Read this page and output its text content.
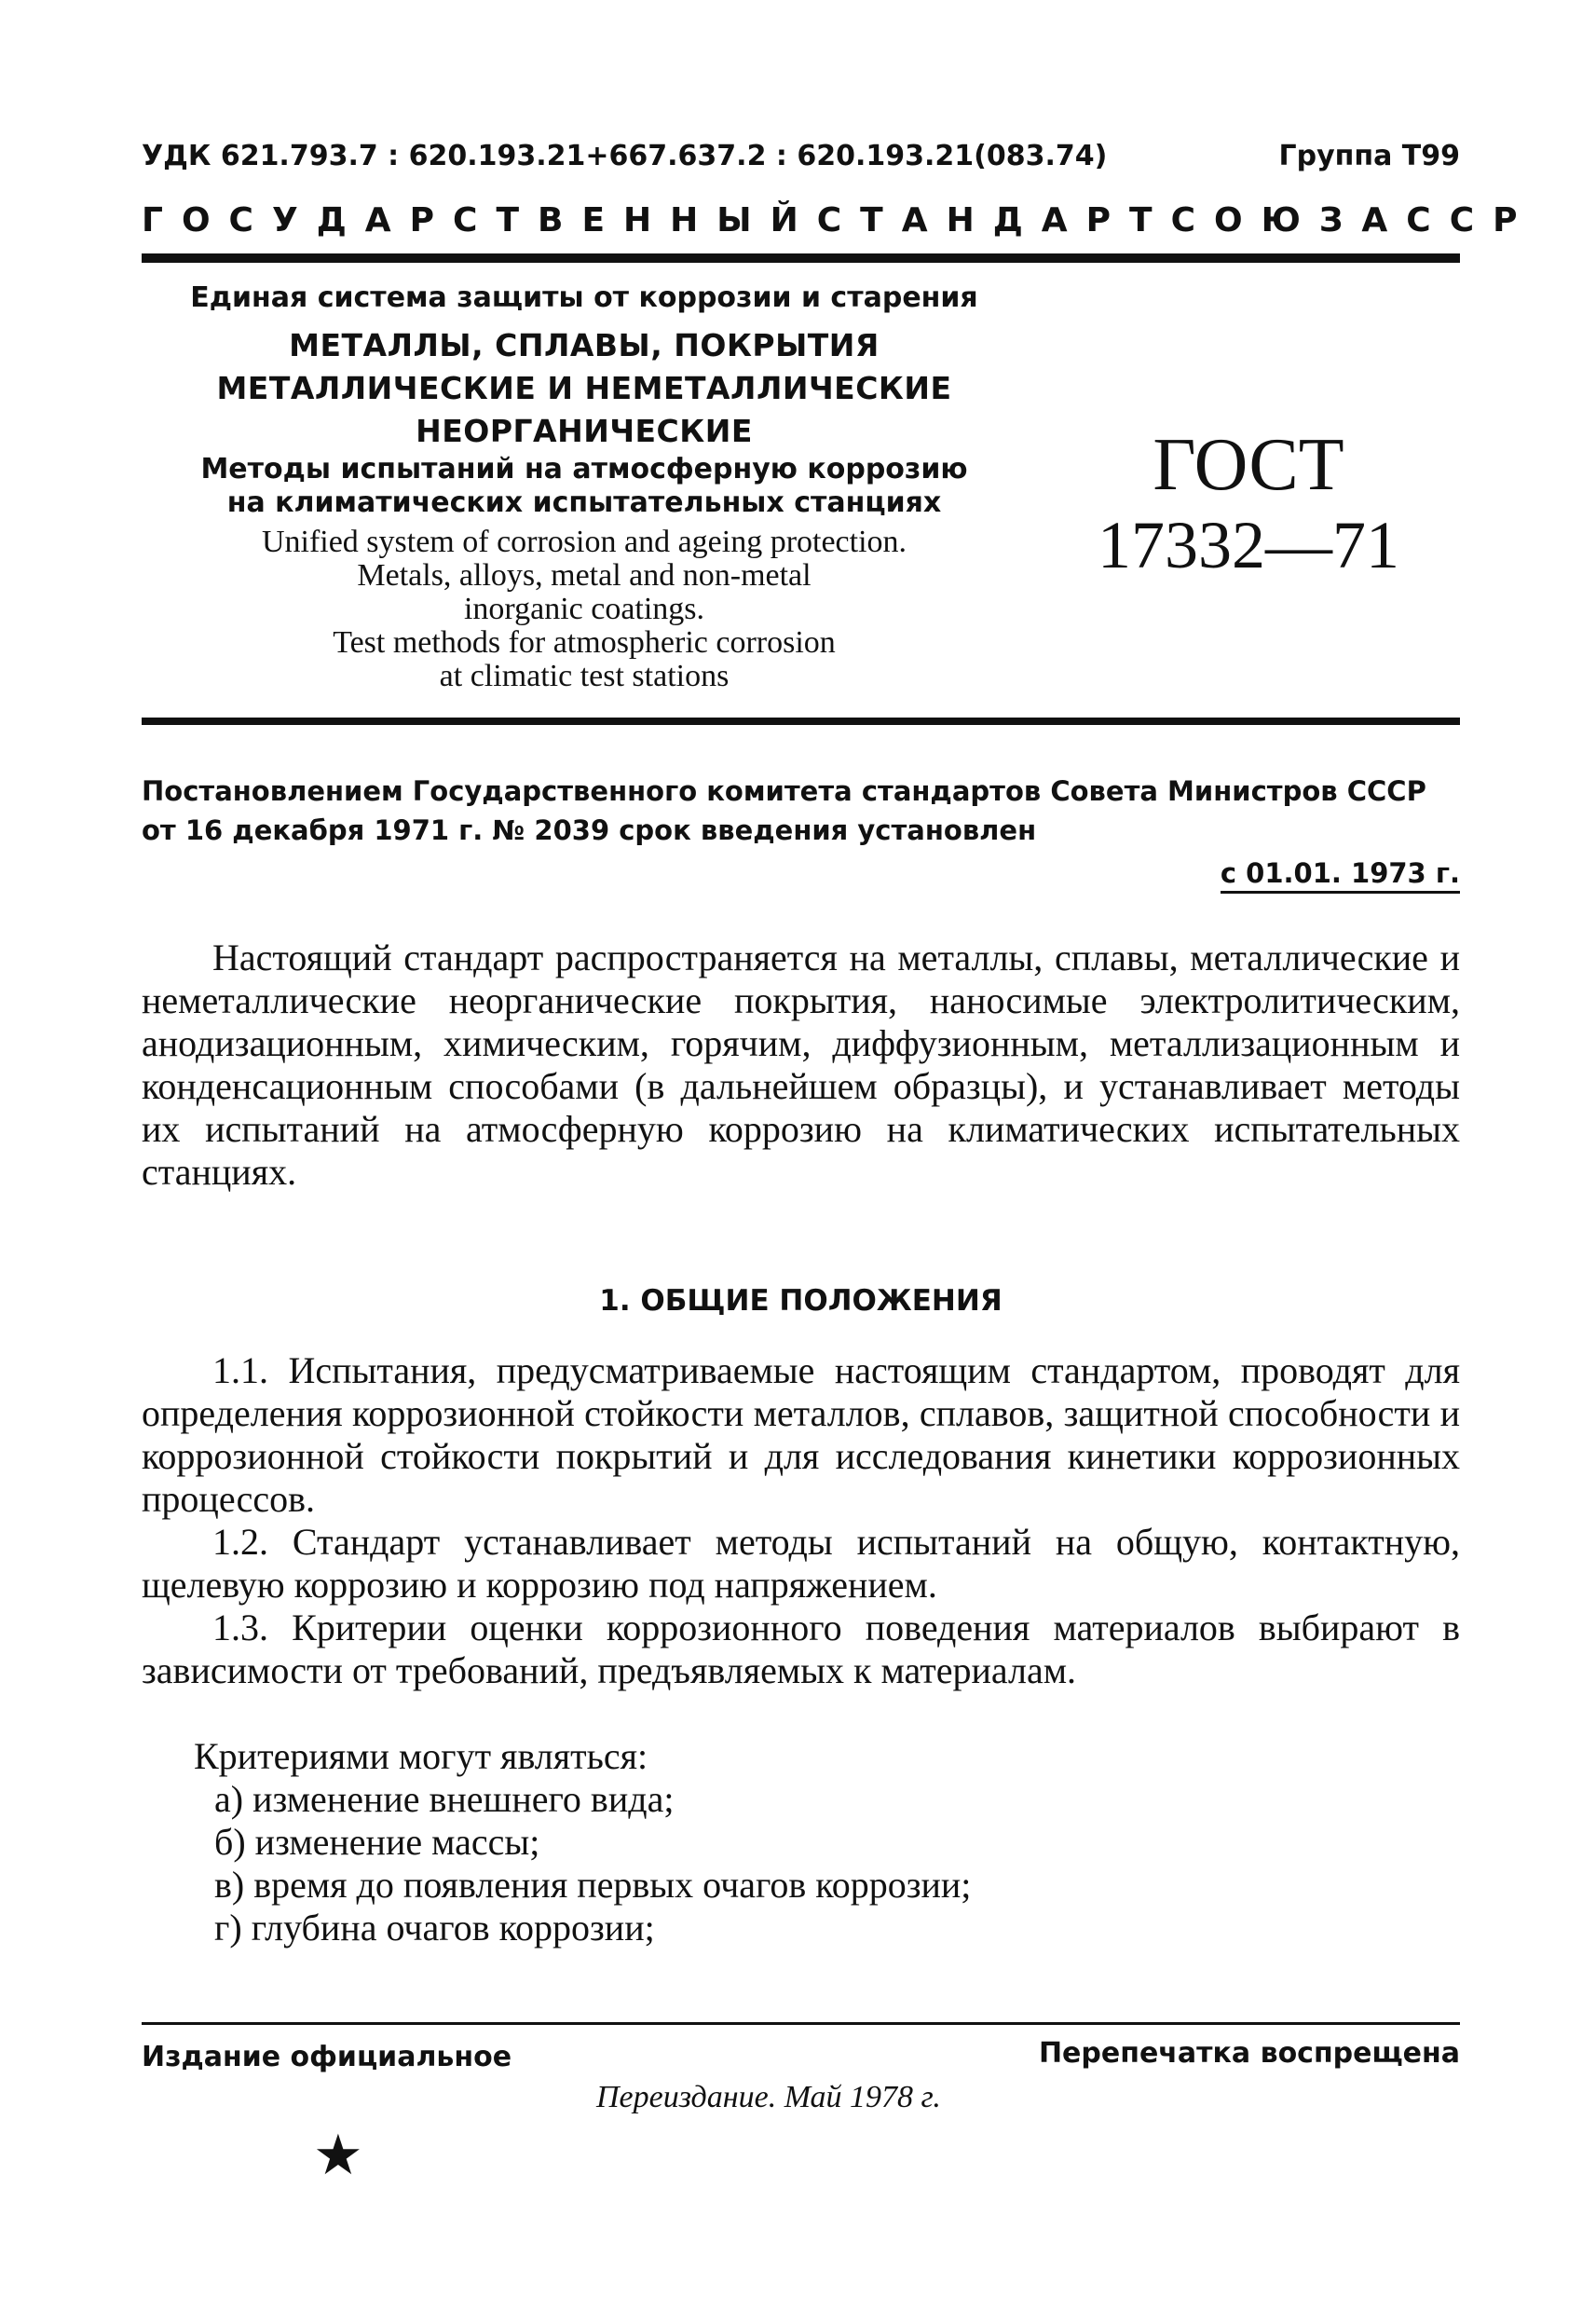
УДК 621.793.7 : 620.193.21+667.637.2 : 620.193.21(083.74)	Группа Т99
ГОСУДАРСТВЕННЫЙ СТАНДАРТ СОЮЗА ССР
Единая система защиты от коррозии и старения
МЕТАЛЛЫ, СПЛАВЫ, ПОКРЫТИЯ
МЕТАЛЛИЧЕСКИЕ И НЕМЕТАЛЛИЧЕСКИЕ
НЕОРГАНИЧЕСКИЕ
Методы испытаний на атмосферную коррозию
на климатических испытательных станциях
Unified system of corrosion and ageing protection.
Metals, alloys, metal and non-metal
inorganic coatings.
Test methods for atmospheric corrosion
at climatic test stations
ГОСТ
17332—71
Постановлением Государственного комитета стандартов Совета Министров СССР
от 16 декабря 1971 г. № 2039 срок введения установлен
с 01.01. 1973 г.
Настоящий стандарт распространяется на металлы, сплавы, металлические и неметаллические неорганические покрытия, наносимые электролитическим, анодизационным, химическим, горячим, диффузионным, металлизационным и конденсационным способами (в дальнейшем образцы), и устанавливает методы их испытаний на атмосферную коррозию на климатических испытательных станциях.
1. ОБЩИЕ ПОЛОЖЕНИЯ
1.1. Испытания, предусматриваемые настоящим стандартом, проводят для определения коррозионной стойкости металлов, сплавов, защитной способности и коррозионной стойкости покрытий и для исследования кинетики коррозионных процессов.
1.2. Стандарт устанавливает методы испытаний на общую, контактную, щелевую коррозию и коррозию под напряжением.
1.3. Критерии оценки коррозионного поведения материалов выбирают в зависимости от требований, предъявляемых к материалам.
Критериями могут являться:
а) изменение внешнего вида;
б) изменение массы;
в) время до появления первых очагов коррозии;
г) глубина очагов коррозии;
Издание официальное	Перепечатка воспрещена
Переиздание. Май 1978 г.
★
